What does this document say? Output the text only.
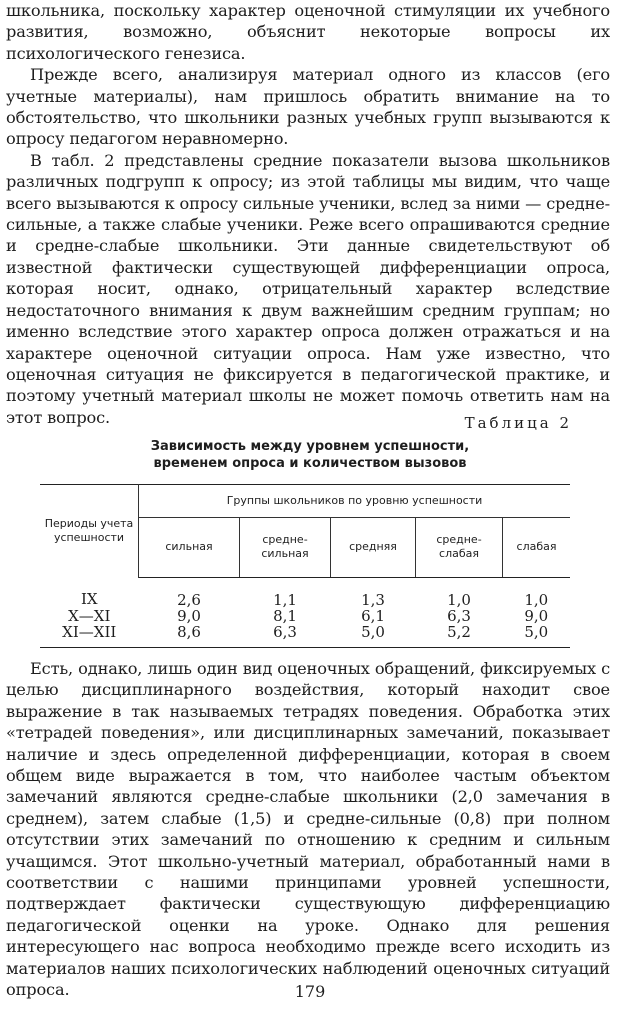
школьника, поскольку характер оценочной стимуляции их учебного развития, возможно, объяснит некоторые вопросы их психологического генезиса.

Прежде всего, анализируя материал одного из классов (его учетные материалы), нам пришлось обратить внимание на то обстоятельство, что школьники разных учебных групп вызываются к опросу педагогом неравномерно.

В табл. 2 представлены средние показатели вызова школьников различных подгрупп к опросу; из этой таблицы мы видим, что чаще всего вызываются к опросу сильные ученики, вслед за ними — средне-сильные, а также слабые ученики. Реже всего опрашиваются средние и средне-слабые школьники. Эти данные свидетельствуют об известной фактически существующей дифференциации опроса, которая носит, однако, отрицательный характер вследствие недостаточного внимания к двум важнейшим средним группам; но именно вследствие этого характер опроса должен отражаться и на характере оценочной ситуации опроса. Нам уже известно, что оценочная ситуация не фиксируется в педагогической практике, и поэтому учетный материал школы не может помочь ответить нам на этот вопрос.	Таблица 2

Зависимость между уровнем успешности,
временем опроса и количеством вызовов
Периоды учета успешности	Группы школьников по уровню успешности				
	сильная	средне-сильная	средняя	средне-слабая	слабая
IX	2,6	1,1	1,3	1,0	1,0
X—XI	9,0	8,1	6,1	6,3	9,0
XI—XII	8,6	6,3	5,0	5,2	5,0

Есть, однако, лишь один вид оценочных обращений, фиксируемых с целью дисциплинарного воздействия, который находит свое выражение в так называемых тетрадях поведения. Обработка этих «тетрадей поведения», или дисциплинарных замечаний, показывает наличие и здесь определенной дифференциации, которая в своем общем виде выражается в том, что наиболее частым объектом замечаний являются средне-слабые школьники (2,0 замечания в среднем), затем слабые (1,5) и средне-сильные (0,8) при полном отсутствии этих замечаний по отношению к средним и сильным учащимся. Этот школьно-учетный материал, обработанный нами в соответствии с нашими принципами уровней успешности, подтверждает фактически существующую дифференциацию педагогической оценки на уроке. Однако для решения интересующего нас вопроса необходимо прежде всего исходить из материалов наших психологических наблюдений оценочных ситуаций опроса.	179
